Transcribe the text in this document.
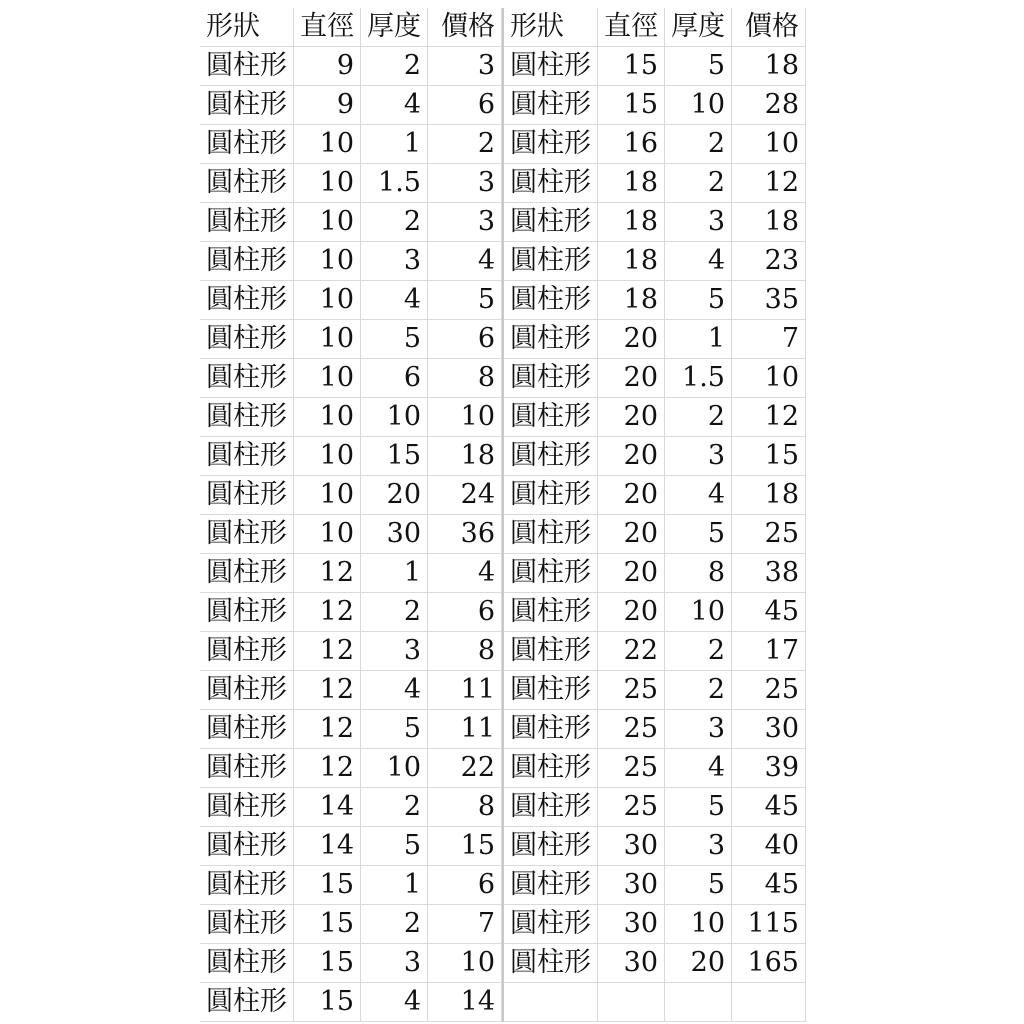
形狀	直徑	厚度	價格		形狀	直徑	厚度	價格
圓柱形	9	2	3		圓柱形	15	5	18
圓柱形	9	4	6		圓柱形	15	10	28
圓柱形	10	1	2		圓柱形	16	2	10
圓柱形	10	1.5	3		圓柱形	18	2	12
圓柱形	10	2	3		圓柱形	18	3	18
圓柱形	10	3	4		圓柱形	18	4	23
圓柱形	10	4	5		圓柱形	18	5	35
圓柱形	10	5	6		圓柱形	20	1	7
圓柱形	10	6	8		圓柱形	20	1.5	10
圓柱形	10	10	10		圓柱形	20	2	12
圓柱形	10	15	18		圓柱形	20	3	15
圓柱形	10	20	24		圓柱形	20	4	18
圓柱形	10	30	36		圓柱形	20	5	25
圓柱形	12	1	4		圓柱形	20	8	38
圓柱形	12	2	6		圓柱形	20	10	45
圓柱形	12	3	8		圓柱形	22	2	17
圓柱形	12	4	11		圓柱形	25	2	25
圓柱形	12	5	11		圓柱形	25	3	30
圓柱形	12	10	22		圓柱形	25	4	39
圓柱形	14	2	8		圓柱形	25	5	45
圓柱形	14	5	15		圓柱形	30	3	40
圓柱形	15	1	6		圓柱形	30	5	45
圓柱形	15	2	7		圓柱形	30	10	115
圓柱形	15	3	10		圓柱形	30	20	165
圓柱形	15	4	14					
